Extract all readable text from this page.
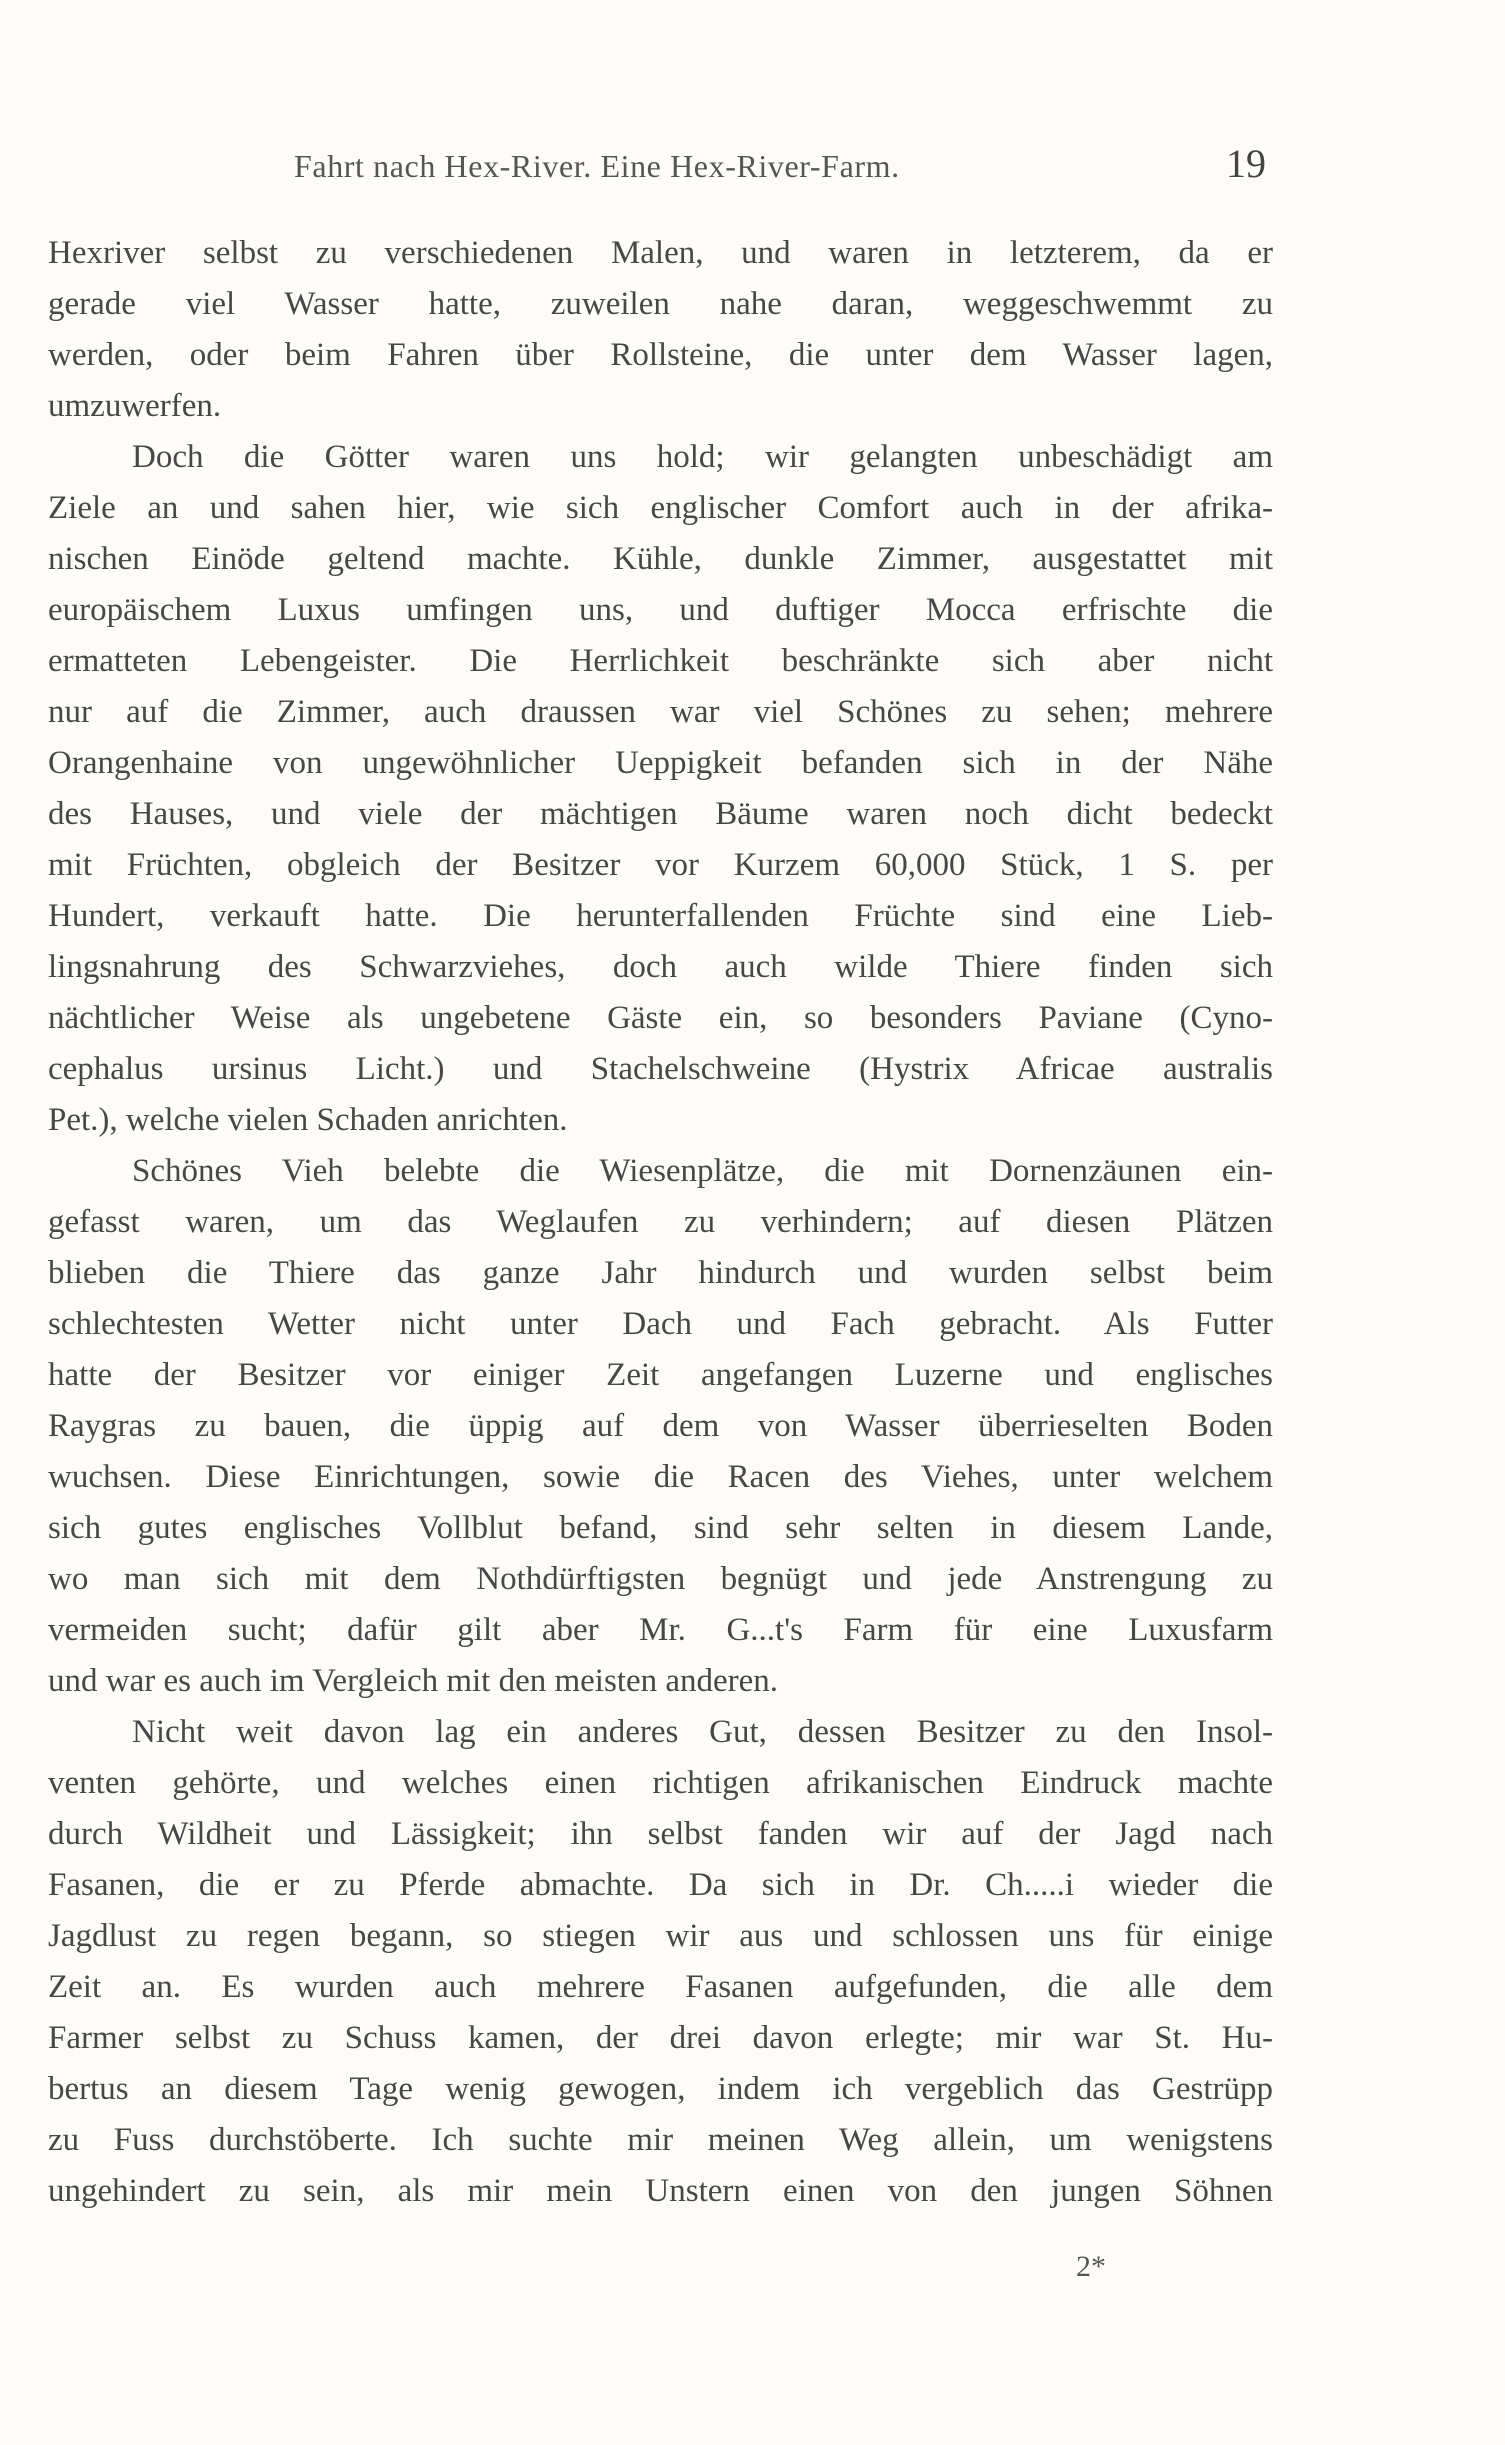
Fahrt nach Hex-River. Eine Hex-River-Farm.	19
Hexriver selbst zu verschiedenen Malen, und waren in letzterem, da er
gerade viel Wasser hatte, zuweilen nahe daran, weggeschwemmt zu
werden, oder beim Fahren über Rollsteine, die unter dem Wasser lagen,
umzuwerfen.
Doch die Götter waren uns hold; wir gelangten unbeschädigt am
Ziele an und sahen hier, wie sich englischer Comfort auch in der afrika-
nischen Einöde geltend machte. Kühle, dunkle Zimmer, ausgestattet mit
europäischem Luxus umfingen uns, und duftiger Mocca erfrischte die
ermatteten Lebengeister. Die Herrlichkeit beschränkte sich aber nicht
nur auf die Zimmer, auch draussen war viel Schönes zu sehen; mehrere
Orangenhaine von ungewöhnlicher Ueppigkeit befanden sich in der Nähe
des Hauses, und viele der mächtigen Bäume waren noch dicht bedeckt
mit Früchten, obgleich der Besitzer vor Kurzem 60,000 Stück, 1 S. per
Hundert, verkauft hatte. Die herunterfallenden Früchte sind eine Lieb-
lingsnahrung des Schwarzviehes, doch auch wilde Thiere finden sich
nächtlicher Weise als ungebetene Gäste ein, so besonders Paviane (Cyno-
cephalus ursinus Licht.) und Stachelschweine (Hystrix Africae australis
Pet.), welche vielen Schaden anrichten.
Schönes Vieh belebte die Wiesenplätze, die mit Dornenzäunen ein-
gefasst waren, um das Weglaufen zu verhindern; auf diesen Plätzen
blieben die Thiere das ganze Jahr hindurch und wurden selbst beim
schlechtesten Wetter nicht unter Dach und Fach gebracht. Als Futter
hatte der Besitzer vor einiger Zeit angefangen Luzerne und englisches
Raygras zu bauen, die üppig auf dem von Wasser überrieselten Boden
wuchsen. Diese Einrichtungen, sowie die Racen des Viehes, unter welchem
sich gutes englisches Vollblut befand, sind sehr selten in diesem Lande,
wo man sich mit dem Nothdürftigsten begnügt und jede Anstrengung zu
vermeiden sucht; dafür gilt aber Mr. G...t's Farm für eine Luxusfarm
und war es auch im Vergleich mit den meisten anderen.
Nicht weit davon lag ein anderes Gut, dessen Besitzer zu den Insol-
venten gehörte, und welches einen richtigen afrikanischen Eindruck machte
durch Wildheit und Lässigkeit; ihn selbst fanden wir auf der Jagd nach
Fasanen, die er zu Pferde abmachte. Da sich in Dr. Ch.....i wieder die
Jagdlust zu regen begann, so stiegen wir aus und schlossen uns für einige
Zeit an. Es wurden auch mehrere Fasanen aufgefunden, die alle dem
Farmer selbst zu Schuss kamen, der drei davon erlegte; mir war St. Hu-
bertus an diesem Tage wenig gewogen, indem ich vergeblich das Gestrüpp
zu Fuss durchstöberte. Ich suchte mir meinen Weg allein, um wenigstens
ungehindert zu sein, als mir mein Unstern einen von den jungen Söhnen
2*
